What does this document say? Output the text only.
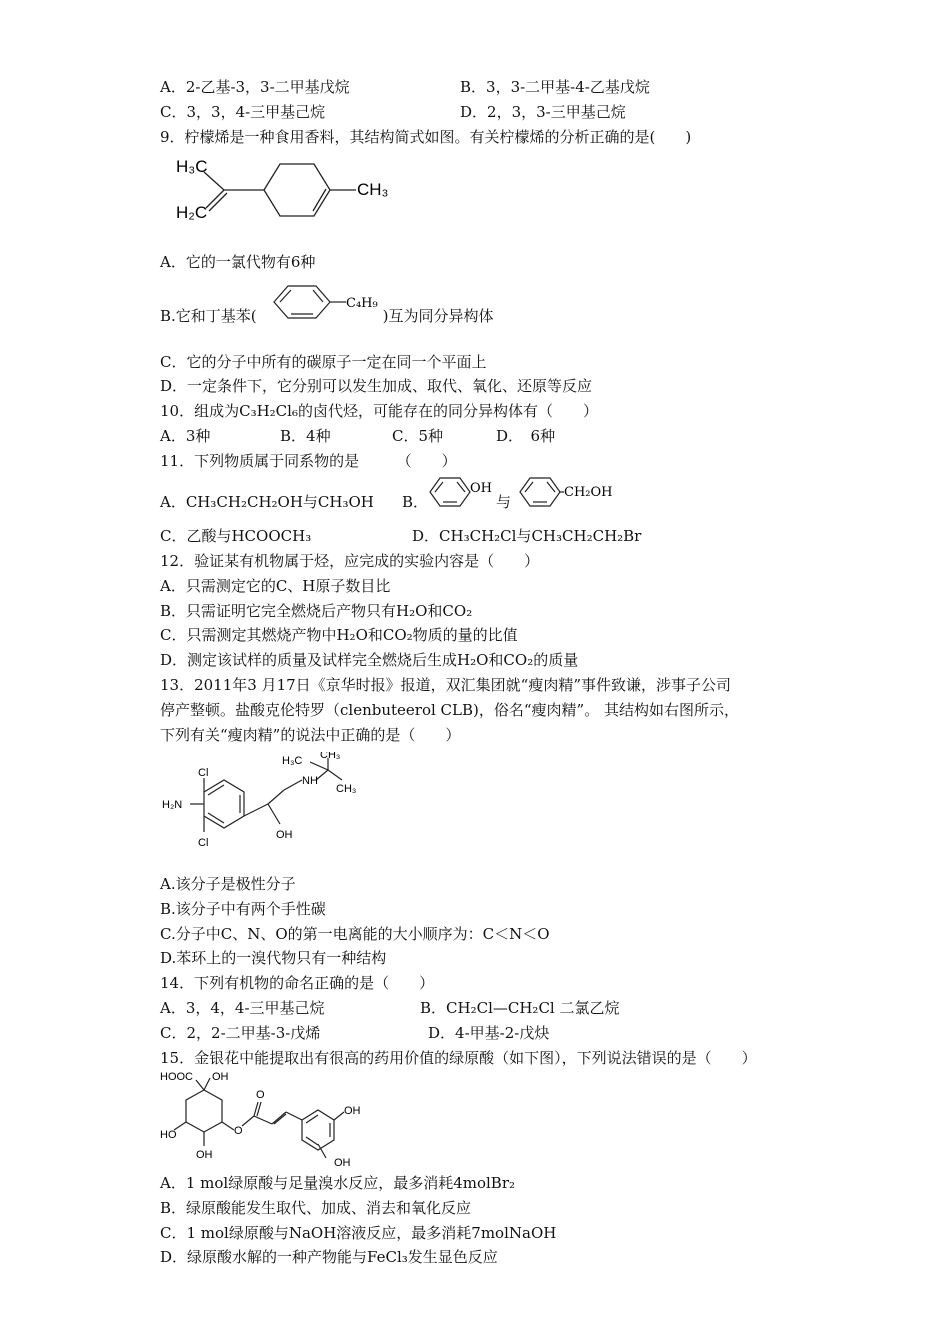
A．2-乙基-3，3-二甲基戊烷	B．3，3-二甲基-4-乙基戊烷
C．3，3，4-三甲基己烷	D．2，3，3-三甲基己烷
9．柠檬烯是一种食用香料，其结构简式如图。有关柠檬烯的分析正确的是(　　)
H₃C
H₂C
CH₃
A．它的一氯代物有6种
B.它和丁基苯(	)互为同分异构体
C₄H₉
C．它的分子中所有的碳原子一定在同一个平面上
D．一定条件下，它分别可以发生加成、取代、氧化、还原等反应
10．组成为C₃H₂Cl₆的卤代烃，可能存在的同分异构体有（　　）
A．3种	B．4种	C．5种	D．　6种
11．下列物质属于同系物的是　　　（　　）
A．CH₃CH₂CH₂OH与CH₃OH B．
OH
与
CH₂OH
C．乙酸与HCOOCH₃	D．CH₃CH₂Cl与CH₃CH₂CH₂Br
12．验证某有机物属于烃，应完成的实验内容是（　　）
A．只需测定它的C、H原子数目比
B．只需证明它完全燃烧后产物只有H₂O和CO₂
C．只需测定其燃烧产物中H₂O和CO₂物质的量的比值
D．测定该试样的质量及试样完全燃烧后生成H₂O和CO₂的质量
13．2011年3 月17日《京华时报》报道，双汇集团就“瘦肉精”事件致谦，涉事子公司
停产整顿。盐酸克伦特罗（clenbuteerol CLB)，俗名“瘦肉精”。 其结构如右图所示，
下列有关“瘦肉精”的说法中正确的是（　　）
Cl
Cl
H₂N
NH
OH
H₃C CH₃
CH₃
A.该分子是极性分子
B.该分子中有两个手性碳
C.分子中C、N、O的第一电离能的大小顺序为：C＜N＜O
D.苯环上的一溴代物只有一种结构
14．下列有机物的命名正确的是（　　）
A．3，4，4-三甲基己烷	B．CH₂Cl—CH₂Cl 二氯乙烷
C．2，2-二甲基-3-戊烯	D．4-甲基-2-戊炔
15．金银花中能提取出有很高的药用价值的绿原酸（如下图），下列说法错误的是（　　）
HOOC OH
HO
OH
O
O
OH
OH
A．1 mol绿原酸与足量溴水反应，最多消耗4molBr₂
B．绿原酸能发生取代、加成、消去和氧化反应
C．1 mol绿原酸与NaOH溶液反应，最多消耗7molNaOH
D．绿原酸水解的一种产物能与FeCl₃发生显色反应
